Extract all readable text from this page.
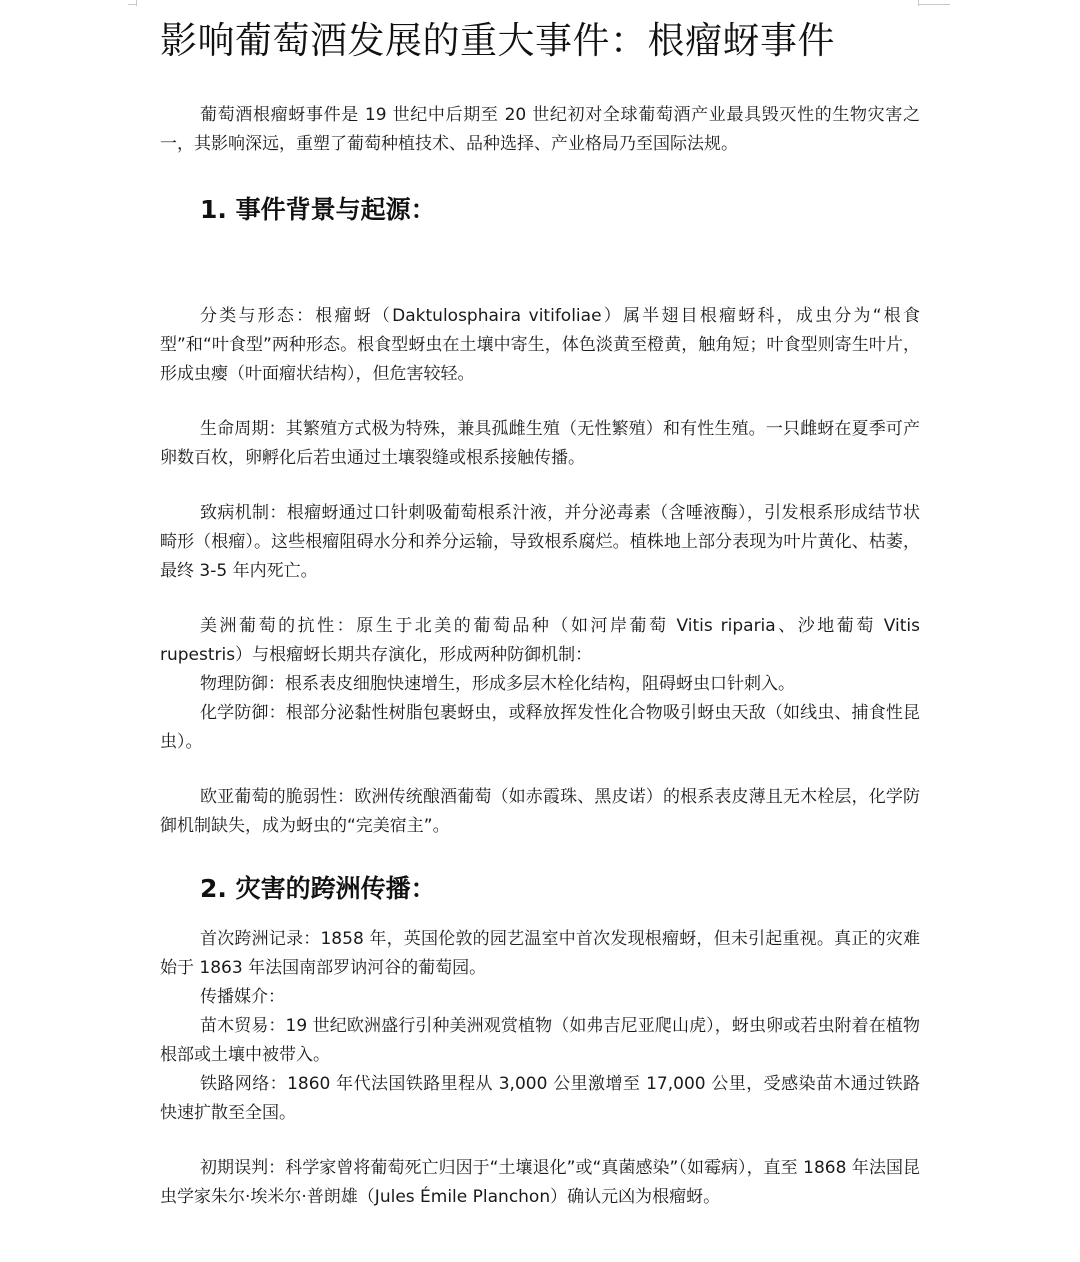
影响葡萄酒发展的重大事件：根瘤蚜事件

葡萄酒根瘤蚜事件是 19 世纪中后期至 20 世纪初对全球葡萄酒产业最具毁灭性的生物灾害之一，其影响深远，重塑了葡萄种植技术、品种选择、产业格局乃至国际法规。

1. 事件背景与起源：

分类与形态：根瘤蚜（Daktulosphaira vitifoliae）属半翅目根瘤蚜科，成虫分为“根食型”和“叶食型”两种形态。根食型蚜虫在土壤中寄生，体色淡黄至橙黄，触角短；叶食型则寄生叶片，形成虫瘿（叶面瘤状结构），但危害较轻。

生命周期：其繁殖方式极为特殊，兼具孤雌生殖（无性繁殖）和有性生殖。一只雌蚜在夏季可产卵数百枚，卵孵化后若虫通过土壤裂缝或根系接触传播。

致病机制：根瘤蚜通过口针刺吸葡萄根系汁液，并分泌毒素（含唾液酶），引发根系形成结节状畸形（根瘤）。这些根瘤阻碍水分和养分运输，导致根系腐烂。植株地上部分表现为叶片黄化、枯萎，最终 3-5 年内死亡。

美洲葡萄的抗性：原生于北美的葡萄品种（如河岸葡萄 Vitis riparia、沙地葡萄 Vitis rupestris）与根瘤蚜长期共存演化，形成两种防御机制：

物理防御：根系表皮细胞快速增生，形成多层木栓化结构，阻碍蚜虫口针刺入。

化学防御：根部分泌黏性树脂包裹蚜虫，或释放挥发性化合物吸引蚜虫天敌（如线虫、捕食性昆虫）。

欧亚葡萄的脆弱性：欧洲传统酿酒葡萄（如赤霞珠、黑皮诺）的根系表皮薄且无木栓层，化学防御机制缺失，成为蚜虫的“完美宿主”。

2. 灾害的跨洲传播：

首次跨洲记录：1858 年，英国伦敦的园艺温室中首次发现根瘤蚜，但未引起重视。真正的灾难始于 1863 年法国南部罗讷河谷的葡萄园。

传播媒介：

苗木贸易：19 世纪欧洲盛行引种美洲观赏植物（如弗吉尼亚爬山虎），蚜虫卵或若虫附着在植物根部或土壤中被带入。

铁路网络：1860 年代法国铁路里程从 3,000 公里激增至 17,000 公里，受感染苗木通过铁路快速扩散至全国。

初期误判：科学家曾将葡萄死亡归因于“土壤退化”或“真菌感染”（如霉病），直至 1868 年法国昆虫学家朱尔·埃米尔·普朗雄（Jules Émile Planchon）确认元凶为根瘤蚜。
